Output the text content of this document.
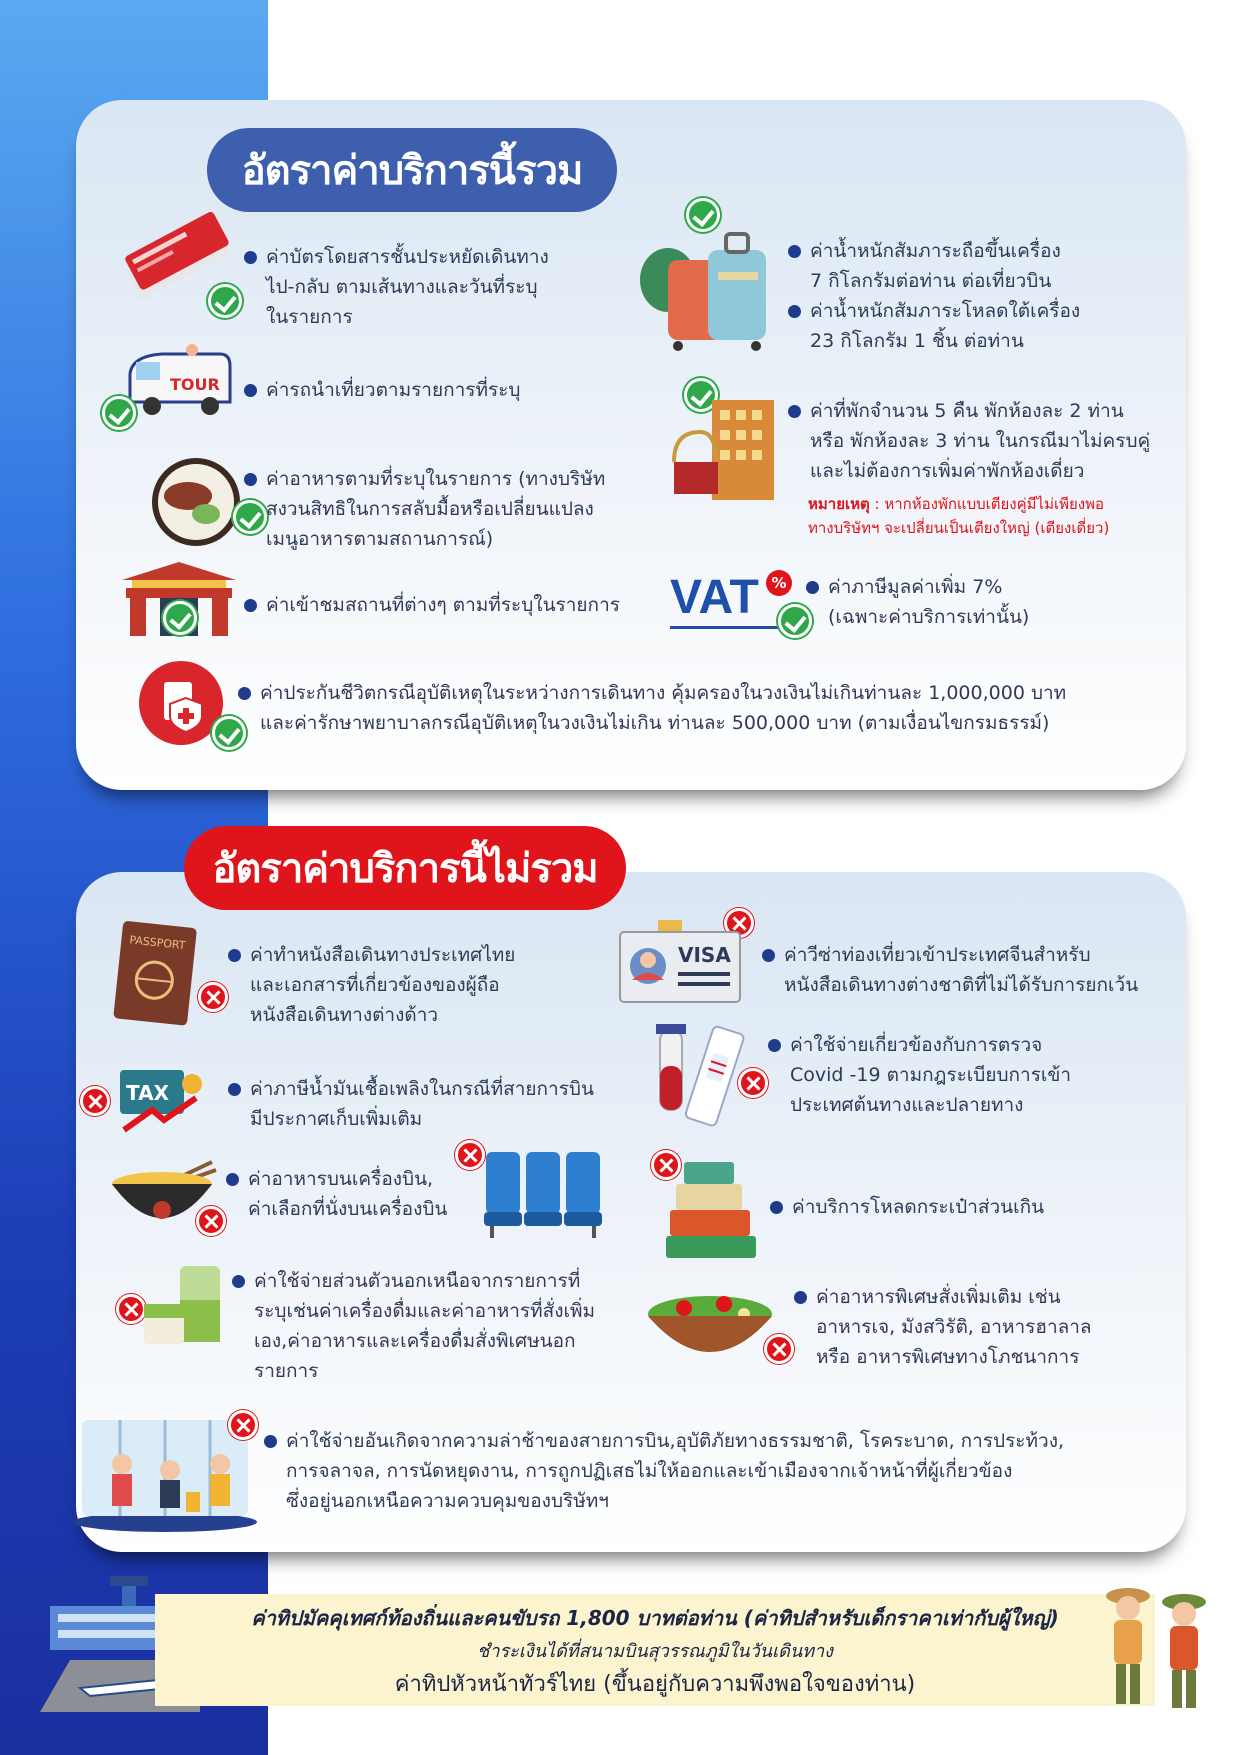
อัตราค่าบริการนี้รวม
ค่าบัตรโดยสารชั้นประหยัดเดินทาง
ไป-กลับ ตามเส้นทางและวันที่ระบุ
ในรายการ
ค่าน้ำหนักสัมภาระถือขึ้นเครื่อง
7 กิโลกรัมต่อท่าน ต่อเที่ยวบิน
ค่าน้ำหนักสัมภาระโหลดใต้เครื่อง
23 กิโลกรัม 1 ชิ้น ต่อท่าน
TOUR ค่ารถนำเที่ยวตามรายการที่ระบุ
ค่าที่พักจำนวน 5 คืน พักห้องละ 2 ท่าน
หรือ พักห้องละ 3 ท่าน ในกรณีมาไม่ครบคู่
และไม่ต้องการเพิ่มค่าพักห้องเดี่ยว
หมายเหตุ : หากห้องพักแบบเตียงคู่มีไม่เพียงพอ
ทางบริษัทฯ จะเปลี่ยนเป็นเตียงใหญ่ (เตียงเดี่ยว)
ค่าอาหารตามที่ระบุในรายการ (ทางบริษัท
สงวนสิทธิในการสลับมื้อหรือเปลี่ยนแปลง
เมนูอาหารตามสถานการณ์)
ค่าเข้าชมสถานที่ต่างๆ ตามที่ระบุในรายการ VAT % ค่าภาษีมูลค่าเพิ่ม 7%
(เฉพาะค่าบริการเท่านั้น)
ค่าประกันชีวิตกรณีอุบัติเหตุในระหว่างการเดินทาง คุ้มครองในวงเงินไม่เกินท่านละ 1,000,000 บาท
และค่ารักษาพยาบาลกรณีอุบัติเหตุในวงเงินไม่เกิน ท่านละ 500,000 บาท (ตามเงื่อนไขกรมธรรม์)
อัตราค่าบริการนี้ไม่รวม
PASSPORT
ค่าทำหนังสือเดินทางประเทศไทย
และเอกสารที่เกี่ยวข้องของผู้ถือ
หนังสือเดินทางต่างด้าว
VISA	ค่าวีซ่าท่องเที่ยวเข้าประเทศจีนสำหรับ
หนังสือเดินทางต่างชาติที่ไม่ได้รับการยกเว้น
ค่าใช้จ่ายเกี่ยวข้องกับการตรวจ
Covid -19 ตามกฎระเบียบการเข้า
ประเทศต้นทางและปลายทาง
TAX	ค่าภาษีน้ำมันเชื้อเพลิงในกรณีที่สายการบิน
มีประกาศเก็บเพิ่มเติม
ค่าอาหารบนเครื่องบิน,
ค่าเลือกที่นั่งบนเครื่องบิน	ค่าบริการโหลดกระเป๋าส่วนเกิน
ค่าใช้จ่ายส่วนตัวนอกเหนือจากรายการที่
ระบุเช่นค่าเครื่องดื่มและค่าอาหารที่สั่งเพิ่ม
เอง,ค่าอาหารและเครื่องดื่มสั่งพิเศษนอก
รายการ
ค่าอาหารพิเศษสั่งเพิ่มเติม เช่น
อาหารเจ, มังสวิรัติ, อาหารฮาลาล
หรือ อาหารพิเศษทางโภชนาการ
ค่าใช้จ่ายอันเกิดจากความล่าช้าของสายการบิน,อุบัติภัยทางธรรมชาติ, โรคระบาด, การประท้วง,
การจลาจล, การนัดหยุดงาน, การถูกปฏิเสธไม่ให้ออกและเข้าเมืองจากเจ้าหน้าที่ผู้เกี่ยวข้อง
ซึ่งอยู่นอกเหนือความควบคุมของบริษัทฯ
ค่าทิปมัคคุเทศก์ท้องถิ่นและคนขับรถ 1,800 บาทต่อท่าน (ค่าทิปสำหรับเด็กราคาเท่ากับผู้ใหญ่)
ชำระเงินได้ที่สนามบินสุวรรณภูมิในวันเดินทาง
ค่าทิปหัวหน้าทัวร์ไทย (ขึ้นอยู่กับความพึงพอใจของท่าน)
